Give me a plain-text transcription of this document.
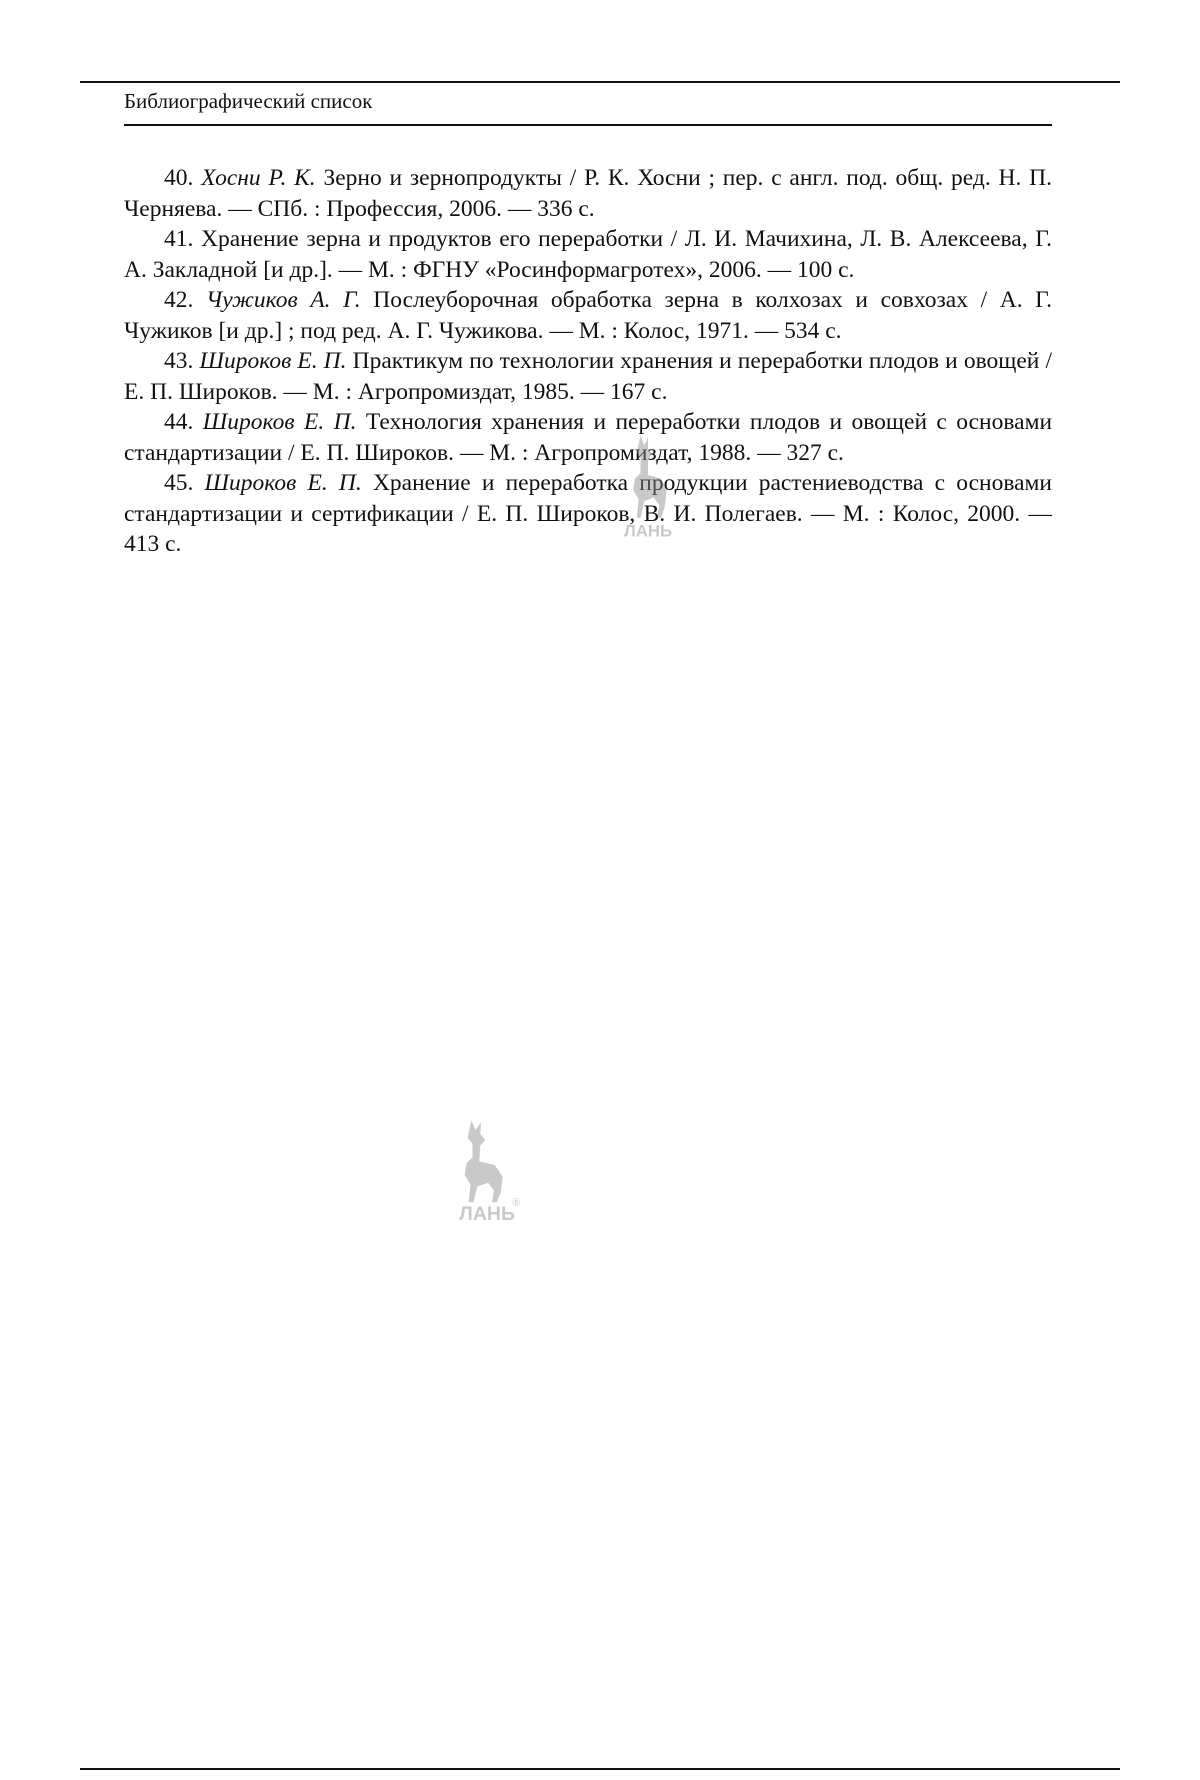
Библиографический список

40. Хосни Р. К. Зерно и зернопродукты / Р. К. Хосни ; пер. с англ. под. общ. ред. Н. П. Черняева. — СПб. : Профессия, 2006. — 336 с.

41. Хранение зерна и продуктов его переработки / Л. И. Мачихина, Л. В. Алексеева, Г. А. Закладной [и др.]. — М. : ФГНУ «Росинформагротех», 2006. — 100 с.

42. Чужиков А. Г. Послеуборочная обработка зерна в колхозах и совхозах / А. Г. Чужиков [и др.] ; под ред. А. Г. Чужикова. — М. : Колос, 1971. — 534 с.

43. Широков Е. П. Практикум по технологии хранения и переработки плодов и овощей / Е. П. Широков. — М. : Агропромиздат, 1985. — 167 с.

44. Широков Е. П. Технология хранения и переработки плодов и овощей с основами стандартизации / Е. П. Широков. — М. : Агропромиздат, 1988. — 327 с.

45. Широков Е. П. Хранение и переработка продукции растениеводства с основами стандартизации и сертификации / Е. П. Широков, В. И. Полегаев. — М. : Колос, 2000. — 413 с.	ЛАНЬ
ЛАНЬ
®
